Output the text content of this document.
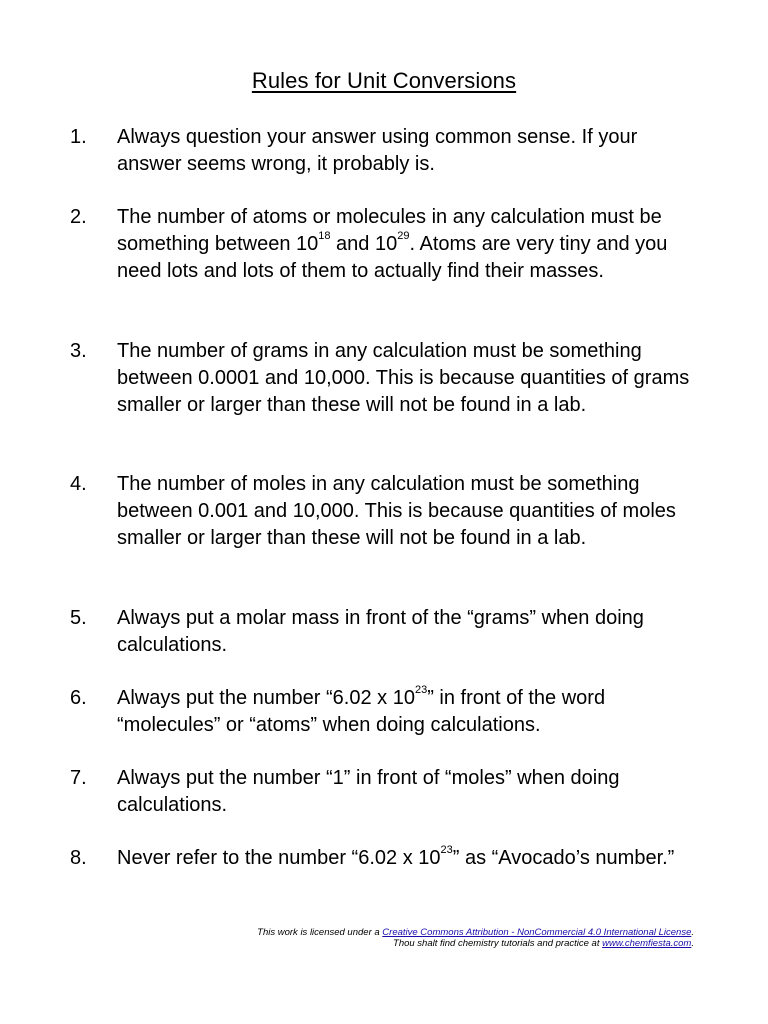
Rules for Unit Conversions
1.	Always question your answer using common sense. If your answer seems wrong, it probably is.
2.	The number of atoms or molecules in any calculation must be something between $10^{18}$ and $10^{29}$. Atoms are very tiny and you need lots and lots of them to actually find their masses.
3.	The number of grams in any calculation must be something between 0.0001 and 10,000. This is because quantities of grams smaller or larger than these will not be found in a lab.
4.	The number of moles in any calculation must be something between 0.001 and 10,000. This is because quantities of moles smaller or larger than these will not be found in a lab.
5.	Always put a molar mass in front of the “grams” when doing calculations.
6.	Always put the number “6.02 x $10^{23}$” in front of the word “molecules” or “atoms” when doing calculations.
7.	Always put the number “1” in front of “moles” when doing calculations.
8.	Never refer to the number “6.02 x $10^{23}$” as “Avocado’s number.”
This work is licensed under a Creative Commons Attribution - NonCommercial 4.0 International License.
Thou shalt find chemistry tutorials and practice at www.chemfiesta.com.
